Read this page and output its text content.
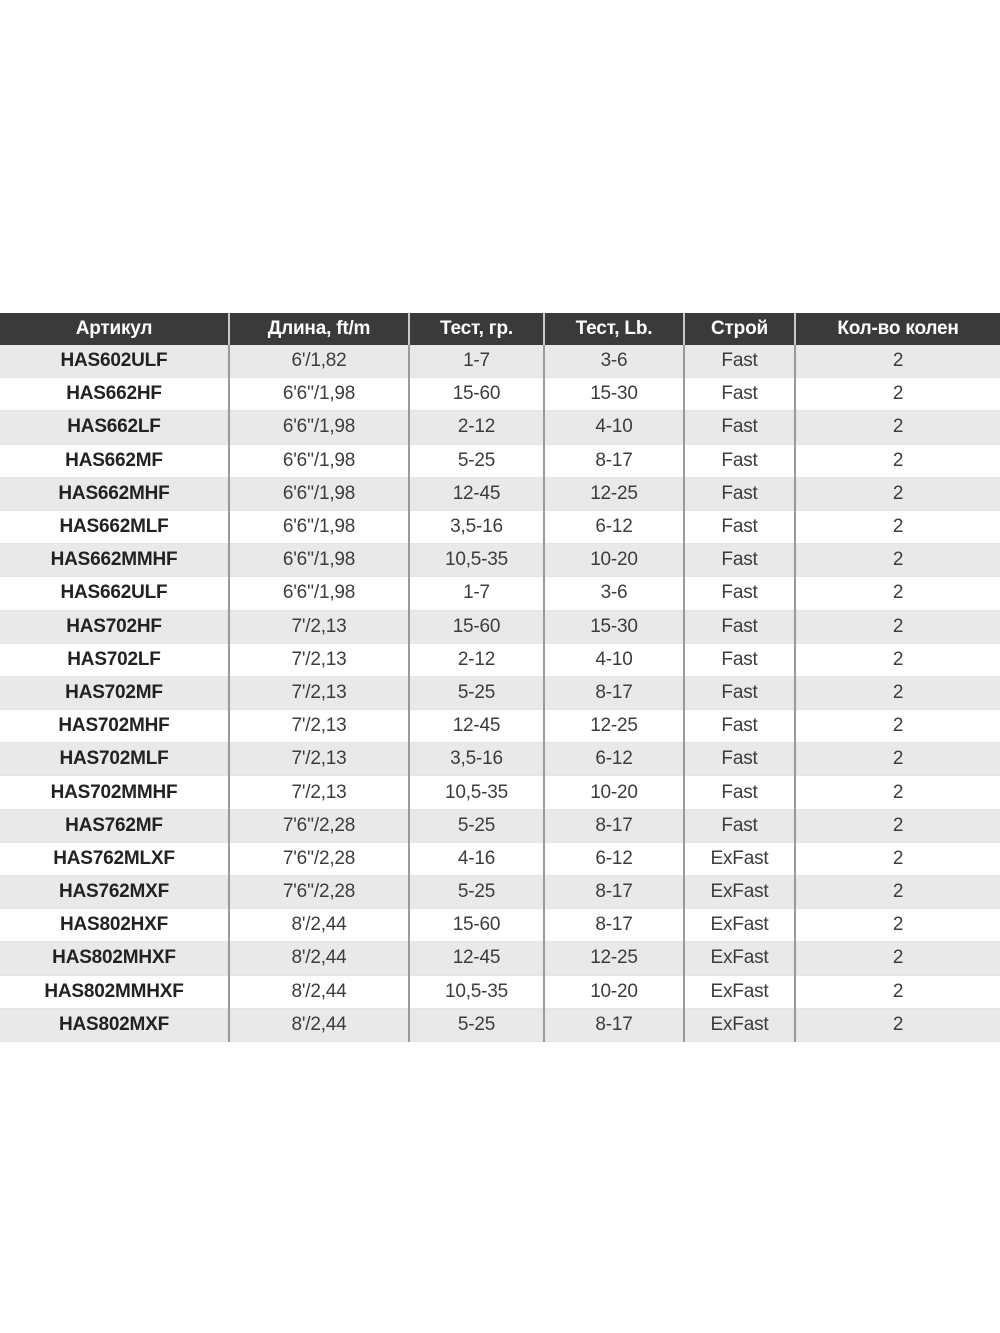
Артикул	Длина, ft/m	Тест, гр.	Тест, Lb.	Строй	Кол-во колен
HAS602ULF	6'/1,82	1-7	3-6	Fast	2
HAS662HF	6'6''/1,98	15-60	15-30	Fast	2
HAS662LF	6'6''/1,98	2-12	4-10	Fast	2
HAS662MF	6'6''/1,98	5-25	8-17	Fast	2
HAS662MHF	6'6''/1,98	12-45	12-25	Fast	2
HAS662MLF	6'6''/1,98	3,5-16	6-12	Fast	2
HAS662MMHF	6'6''/1,98	10,5-35	10-20	Fast	2
HAS662ULF	6'6''/1,98	1-7	3-6	Fast	2
HAS702HF	7'/2,13	15-60	15-30	Fast	2
HAS702LF	7'/2,13	2-12	4-10	Fast	2
HAS702MF	7'/2,13	5-25	8-17	Fast	2
HAS702MHF	7'/2,13	12-45	12-25	Fast	2
HAS702MLF	7'/2,13	3,5-16	6-12	Fast	2
HAS702MMHF	7'/2,13	10,5-35	10-20	Fast	2
HAS762MF	7'6''/2,28	5-25	8-17	Fast	2
HAS762MLXF	7'6''/2,28	4-16	6-12	ExFast	2
HAS762MXF	7'6''/2,28	5-25	8-17	ExFast	2
HAS802HXF	8'/2,44	15-60	8-17	ExFast	2
HAS802MHXF	8'/2,44	12-45	12-25	ExFast	2
HAS802MMHXF	8'/2,44	10,5-35	10-20	ExFast	2
HAS802MXF	8'/2,44	5-25	8-17	ExFast	2
